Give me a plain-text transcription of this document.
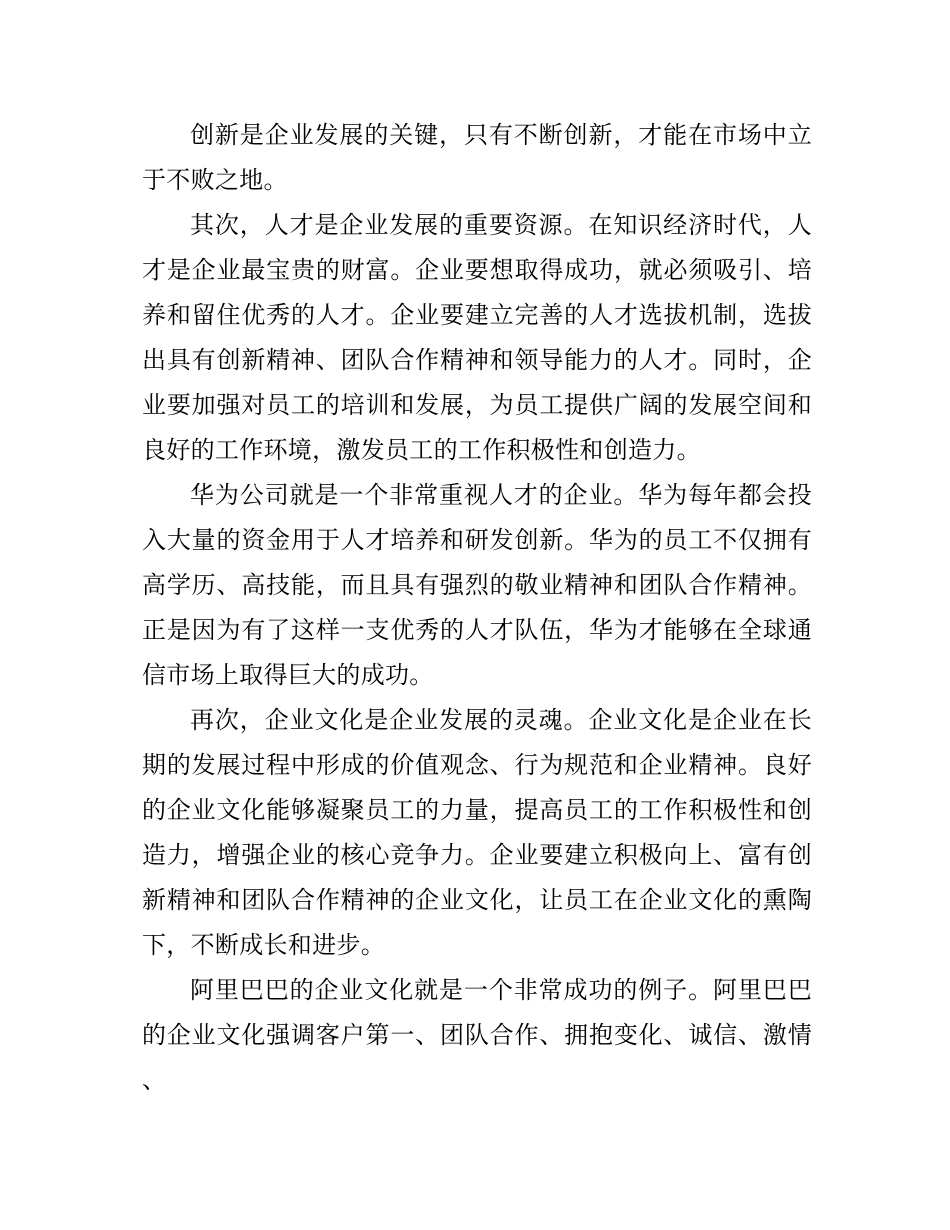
创新是企业发展的关键，只有不断创新，才能在市场中立于不败之地。

其次，人才是企业发展的重要资源。在知识经济时代，人才是企业最宝贵的财富。企业要想取得成功，就必须吸引、培养和留住优秀的人才。企业要建立完善的人才选拔机制，选拔出具有创新精神、团队合作精神和领导能力的人才。同时，企业要加强对员工的培训和发展，为员工提供广阔的发展空间和良好的工作环境，激发员工的工作积极性和创造力。

华为公司就是一个非常重视人才的企业。华为每年都会投入大量的资金用于人才培养和研发创新。华为的员工不仅拥有高学历、高技能，而且具有强烈的敬业精神和团队合作精神。正是因为有了这样一支优秀的人才队伍，华为才能够在全球通信市场上取得巨大的成功。

再次，企业文化是企业发展的灵魂。企业文化是企业在长期的发展过程中形成的价值观念、行为规范和企业精神。良好的企业文化能够凝聚员工的力量，提高员工的工作积极性和创造力，增强企业的核心竞争力。企业要建立积极向上、富有创新精神和团队合作精神的企业文化，让员工在企业文化的熏陶下，不断成长和进步。

阿里巴巴的企业文化就是一个非常成功的例子。阿里巴巴的企业文化强调客户第一、团队合作、拥抱变化、诚信、激情、
